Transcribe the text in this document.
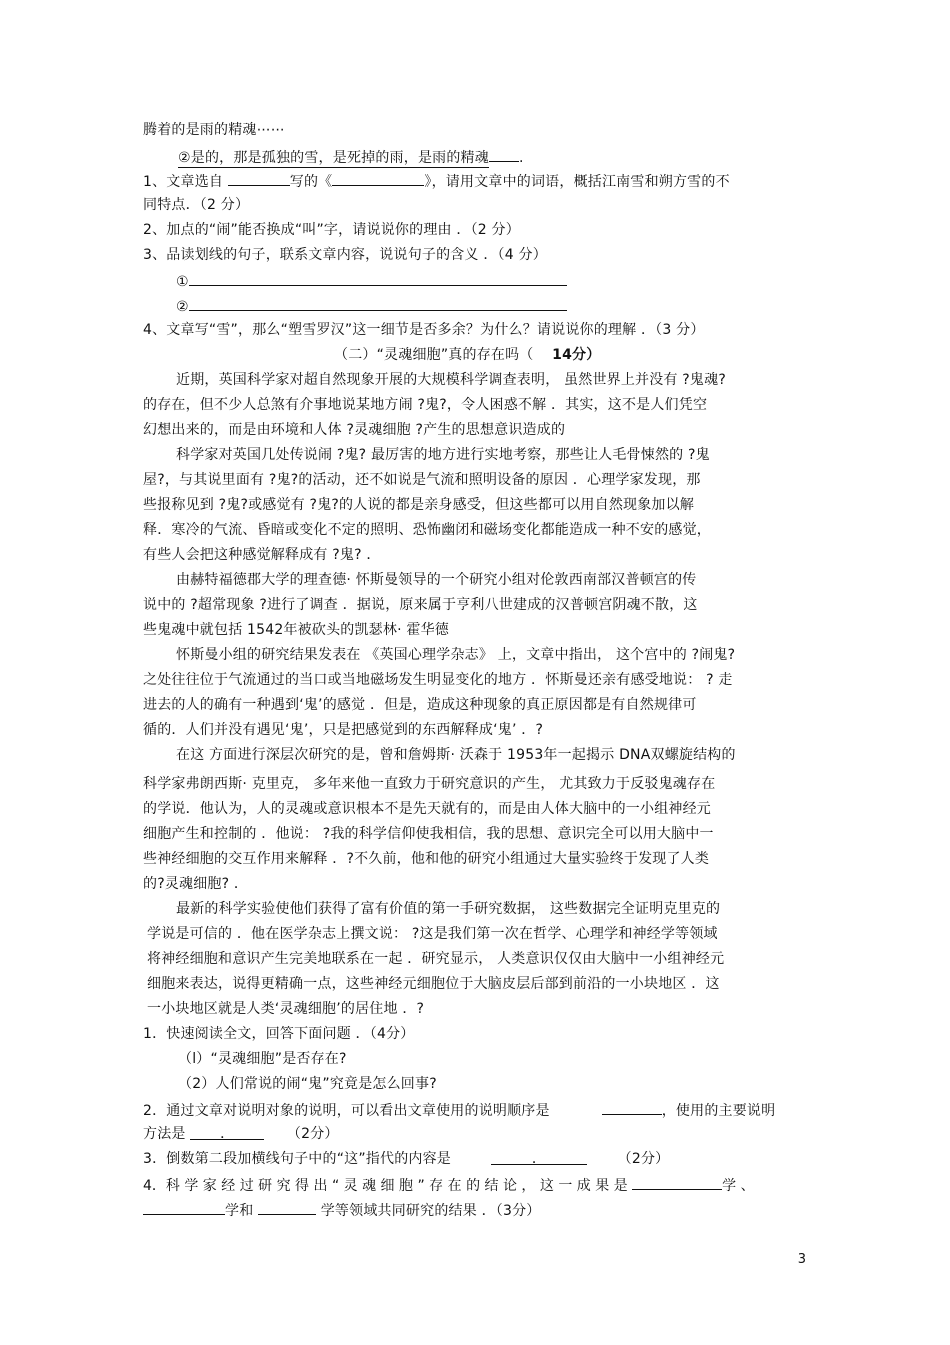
腾着的是雨的精魂⋯⋯
②是的，那是孤独的雪，是死掉的雨，是雨的精魂 .
1、文章选自	写的《	》，请用文章中的词语，概括江南雪和朔方雪的不
同特点．（2 分）
2、加点的“闹”能否换成“叫”字，请说说你的理由 ．（2 分）
3、品读划线的句子，联系文章内容，说说句子的含义 ．（4 分）
①
②
4、文章写“雪”，那么“塑雪罗汉”这一细节是否多余？为什么？请说说你的理解 ．（3 分）
（二）“灵魂细胞”真的存在吗（ 14分）
近期，英国科学家对超自然现象开展的大规模科学调查表明， 虽然世界上并没有 ?鬼魂?
的存在，但不少人总煞有介事地说某地方闹 ?鬼?，令人困惑不解 ．其实，这不是人们凭空
幻想出来的，而是由环境和人体 ?灵魂细胞 ?产生的思想意识造成的
科学家对英国几处传说闹 ?鬼? 最厉害的地方进行实地考察，那些让人毛骨悚然的 ?鬼
屋?，与其说里面有 ?鬼?的活动，还不如说是气流和照明设备的原因 ．心理学家发现，那
些报称见到 ?鬼?或感觉有 ?鬼?的人说的都是亲身感受，但这些都可以用自然现象加以解
释．寒冷的气流、昏暗或变化不定的照明、恐怖幽闭和磁场变化都能造成一种不安的感觉，
有些人会把这种感觉解释成有 ?鬼? ．
由赫特福德郡大学的理查德· 怀斯曼领导的一个研究小组对伦敦西南部汉普顿宫的传
说中的 ?超常现象 ?进行了调查 ．据说，原来属于亨利八世建成的汉普顿宫阴魂不散，这
些鬼魂中就包括 1542年被砍头的凯瑟林· 霍华德
怀斯曼小组的研究结果发表在 《英国心理学杂志》 上，文章中指出， 这个宫中的 ?闹鬼?
之处往往位于气流通过的当口或当地磁场发生明显变化的地方 ．怀斯曼还亲有感受地说： ? 走
进去的人的确有一种遇到‘鬼’的感觉 ．但是，造成这种现象的真正原因都是有自然规律可
循的．人们并没有遇见‘鬼’，只是把感觉到的东西解释成‘鬼’ ．?
在这 方面进行深层次研究的是，曾和詹姆斯· 沃森于 1953年一起揭示 DNA双螺旋结构的
科学家弗朗西斯· 克里克， 多年来他一直致力于研究意识的产生， 尤其致力于反驳鬼魂存在
的学说．他认为，人的灵魂或意识根本不是先天就有的，而是由人体大脑中的一小组神经元
细胞产生和控制的 ．他说： ?我的科学信仰使我相信，我的思想、意识完全可以用大脑中一
些神经细胞的交互作用来解释 ．?不久前，他和他的研究小组通过大量实验终于发现了人类
的?灵魂细胞? ．
最新的科学实验使他们获得了富有价值的第一手研究数据， 这些数据完全证明克里克的
学说是可信的 ．他在医学杂志上撰文说： ?这是我们第一次在哲学、心理学和神经学等领域
将神经细胞和意识产生完美地联系在一起 ．研究显示， 人类意识仅仅由大脑中一小组神经元
细胞来表达，说得更精确一点，这些神经元细胞位于大脑皮层后部到前沿的一小块地区 ．这
一小块地区就是人类‘灵魂细胞’的居住地 ．?
1．快速阅读全文，回答下面问题 ．（4分）
（l）“灵魂细胞”是否存在?
（2）人们常说的闹“鬼”究竟是怎么回事?
2．通过文章对说明对象的说明，可以看出文章使用的说明顺序是	，使用的主要说明
方法是 ．	（2分）
3．倒数第二段加横线句子中的“这”指代的内容是	．	（2分）
4．科 学 家 经 过 研 究 得 出 “ 灵 魂 细 胞 ” 存 在 的 结 论 ， 这 一 成 果 是	学 、
学和	学等领域共同研究的结果 ．（3分）
3
